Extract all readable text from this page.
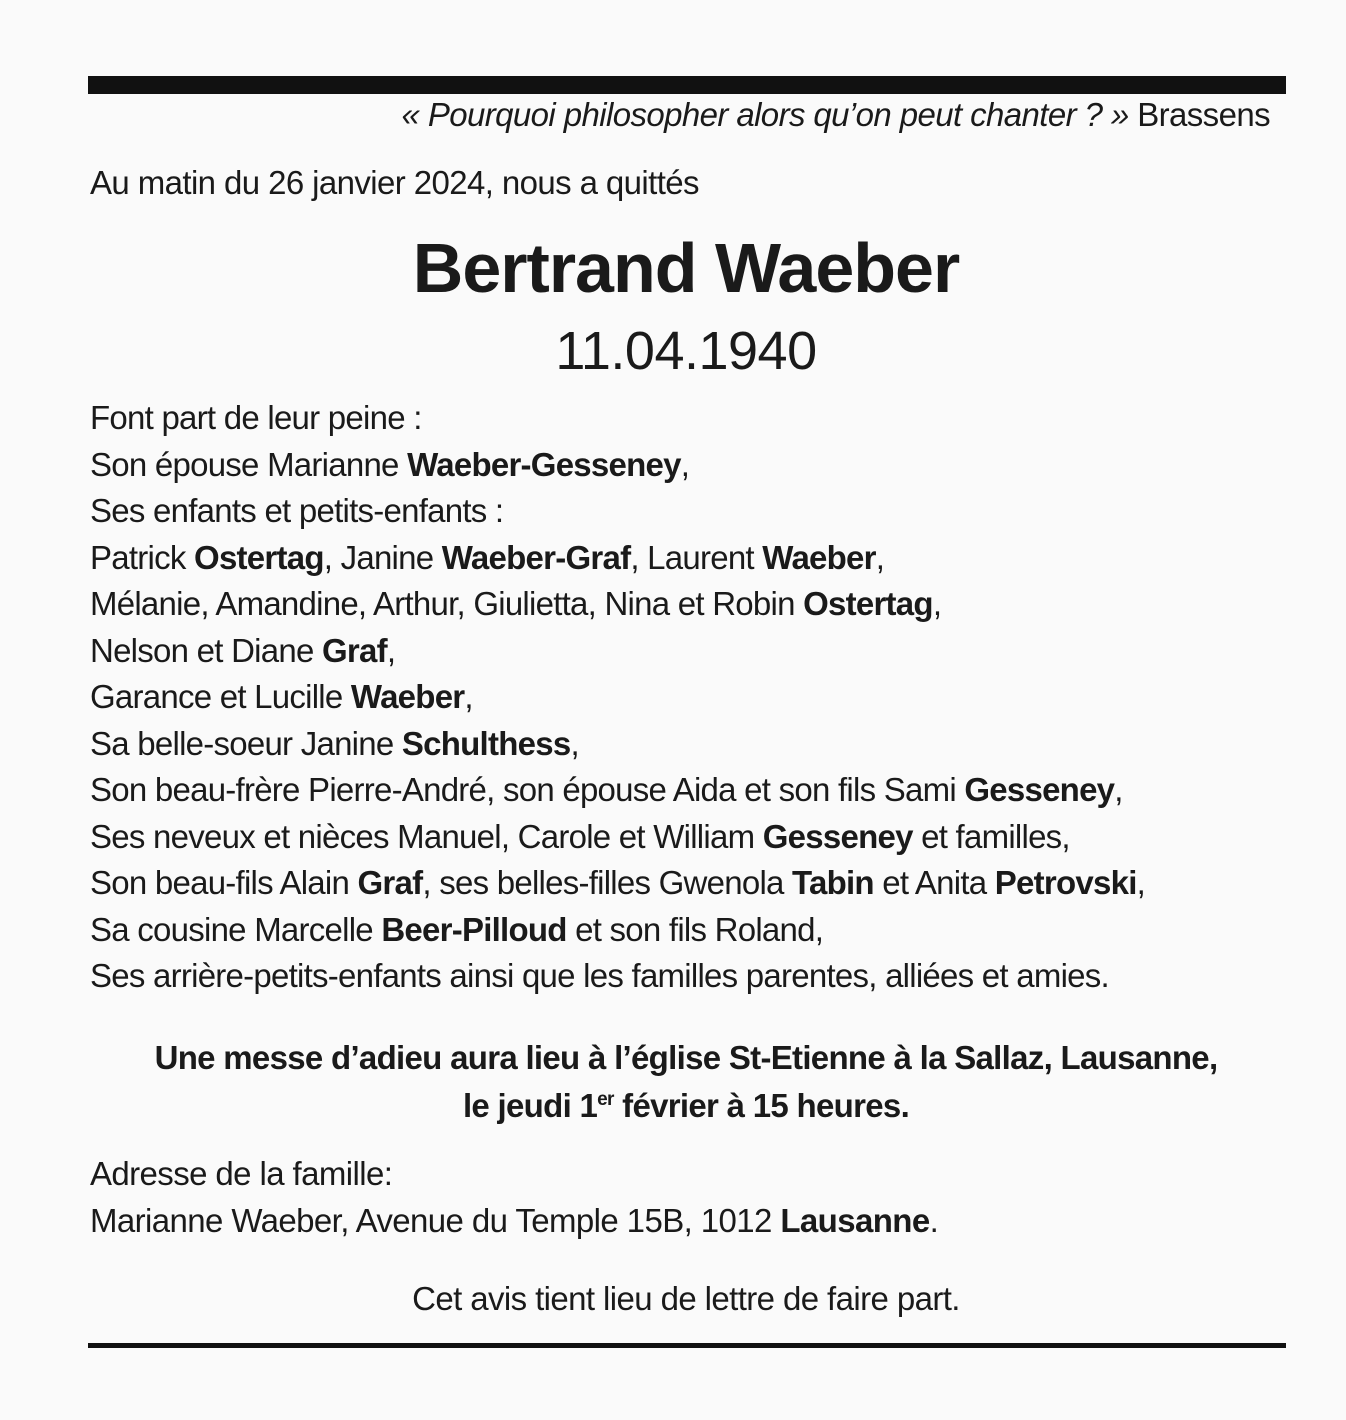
« Pourquoi philosopher alors qu’on peut chanter ? » Brassens
Au matin du 26 janvier 2024, nous a quittés
Bertrand Waeber
11.04.1940
Font part de leur peine :
Son épouse Marianne Waeber-Gesseney,
Ses enfants et petits-enfants :
Patrick Ostertag, Janine Waeber-Graf, Laurent Waeber,
Mélanie, Amandine, Arthur, Giulietta, Nina et Robin Ostertag,
Nelson et Diane Graf,
Garance et Lucille Waeber,
Sa belle-soeur Janine Schulthess,
Son beau-frère Pierre-André, son épouse Aida et son fils Sami Gesseney,
Ses neveux et nièces Manuel, Carole et William Gesseney et familles,
Son beau-fils Alain Graf, ses belles-filles Gwenola Tabin et Anita Petrovski,
Sa cousine Marcelle Beer-Pilloud et son fils Roland,
Ses arrière-petits-enfants ainsi que les familles parentes, alliées et amies.
Une messe d’adieu aura lieu à l’église St-Etienne à la Sallaz, Lausanne,
le jeudi 1er février à 15 heures.
Adresse de la famille:
Marianne Waeber, Avenue du Temple 15B, 1012 Lausanne.
Cet avis tient lieu de lettre de faire part.
